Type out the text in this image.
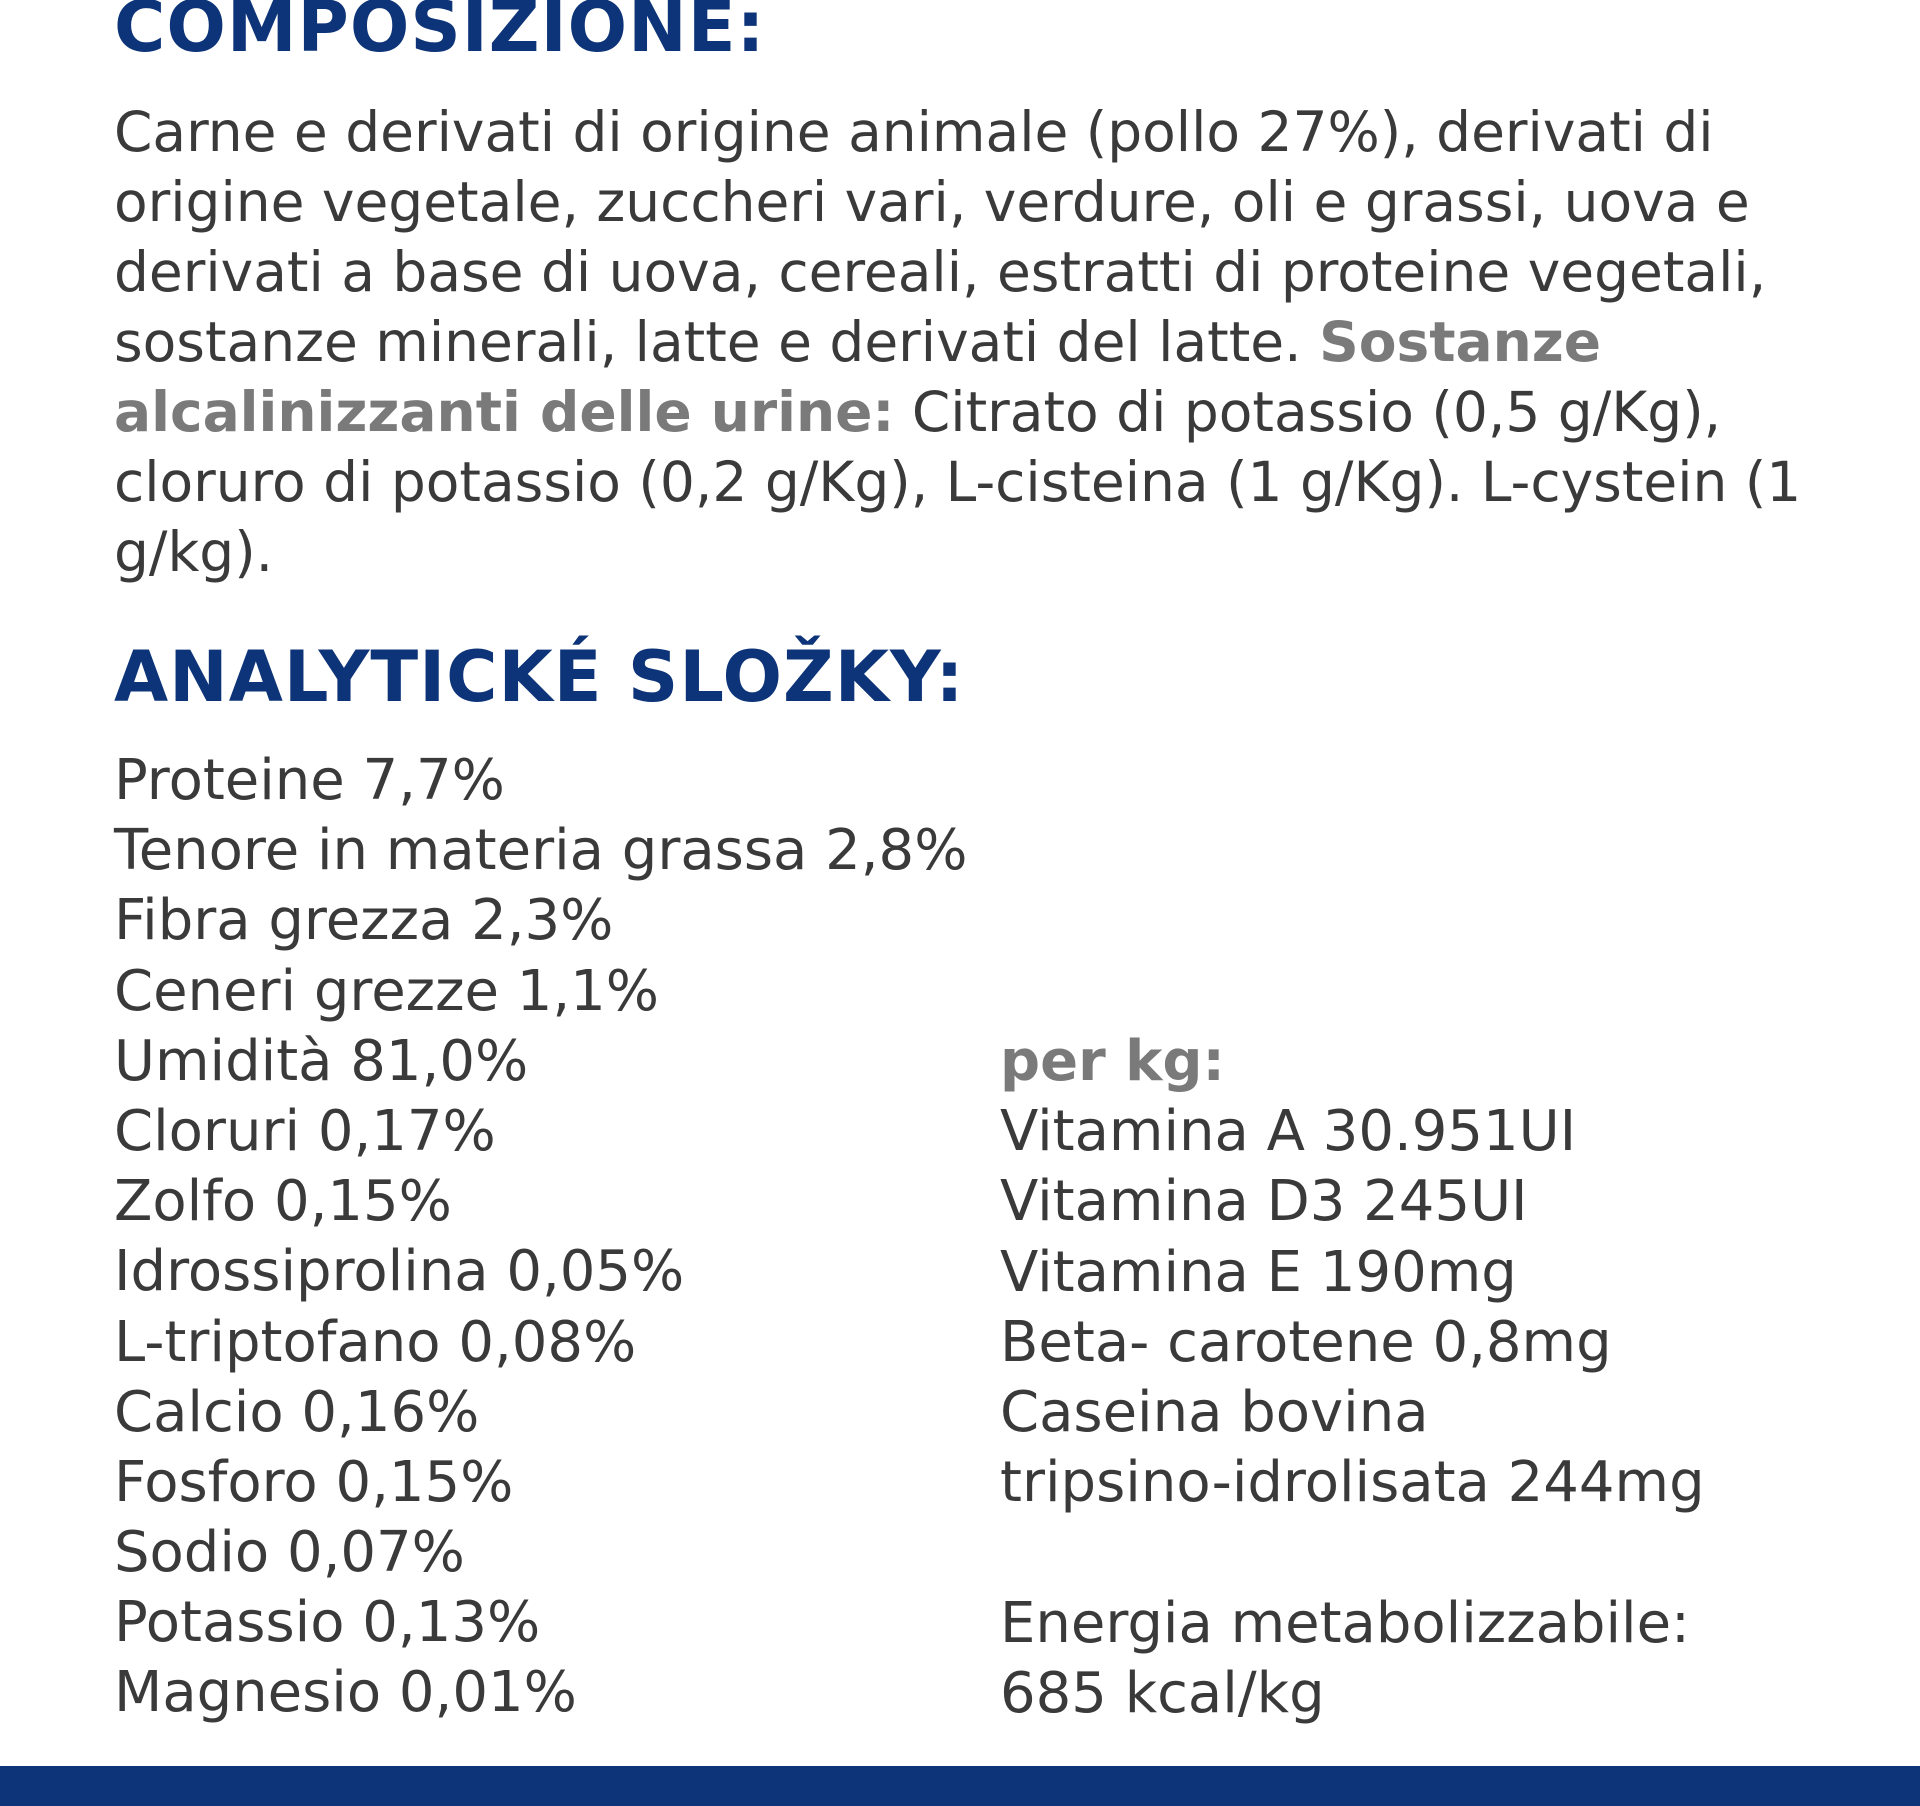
COMPOSIZIONE:

Carne e derivati di origine animale (pollo 27%), derivati di origine vegetale, zuccheri vari, verdure, oli e grassi, uova e derivati a base di uova, cereali, estratti di proteine vegetali, sostanze minerali, latte e derivati del latte. Sostanze alcalinizzanti delle urine: Citrato di potassio (0,5 g/Kg), cloruro di potassio (0,2 g/Kg), L-cisteina (1 g/Kg). L-cystein (1 g/kg).

ANALYTICKÉ SLOŽKY:
Proteine 7,7%
Tenore in materia grassa 2,8%
Fibra grezza 2,3%
Ceneri grezze 1,1%
Umidità 81,0%
Cloruri 0,17%
Zolfo 0,15%
Idrossiprolina 0,05%
L-triptofano 0,08%
Calcio 0,16%
Fosforo 0,15%
Sodio 0,07%
Potassio 0,13%
Magnesio 0,01%
per kg:
Vitamina A 30.951UI
Vitamina D3 245UI
Vitamina E 190mg
Beta- carotene 0,8mg
Caseina bovina
tripsino-idrolisata 244mg
Energia metabolizzabile:
685 kcal/kg
